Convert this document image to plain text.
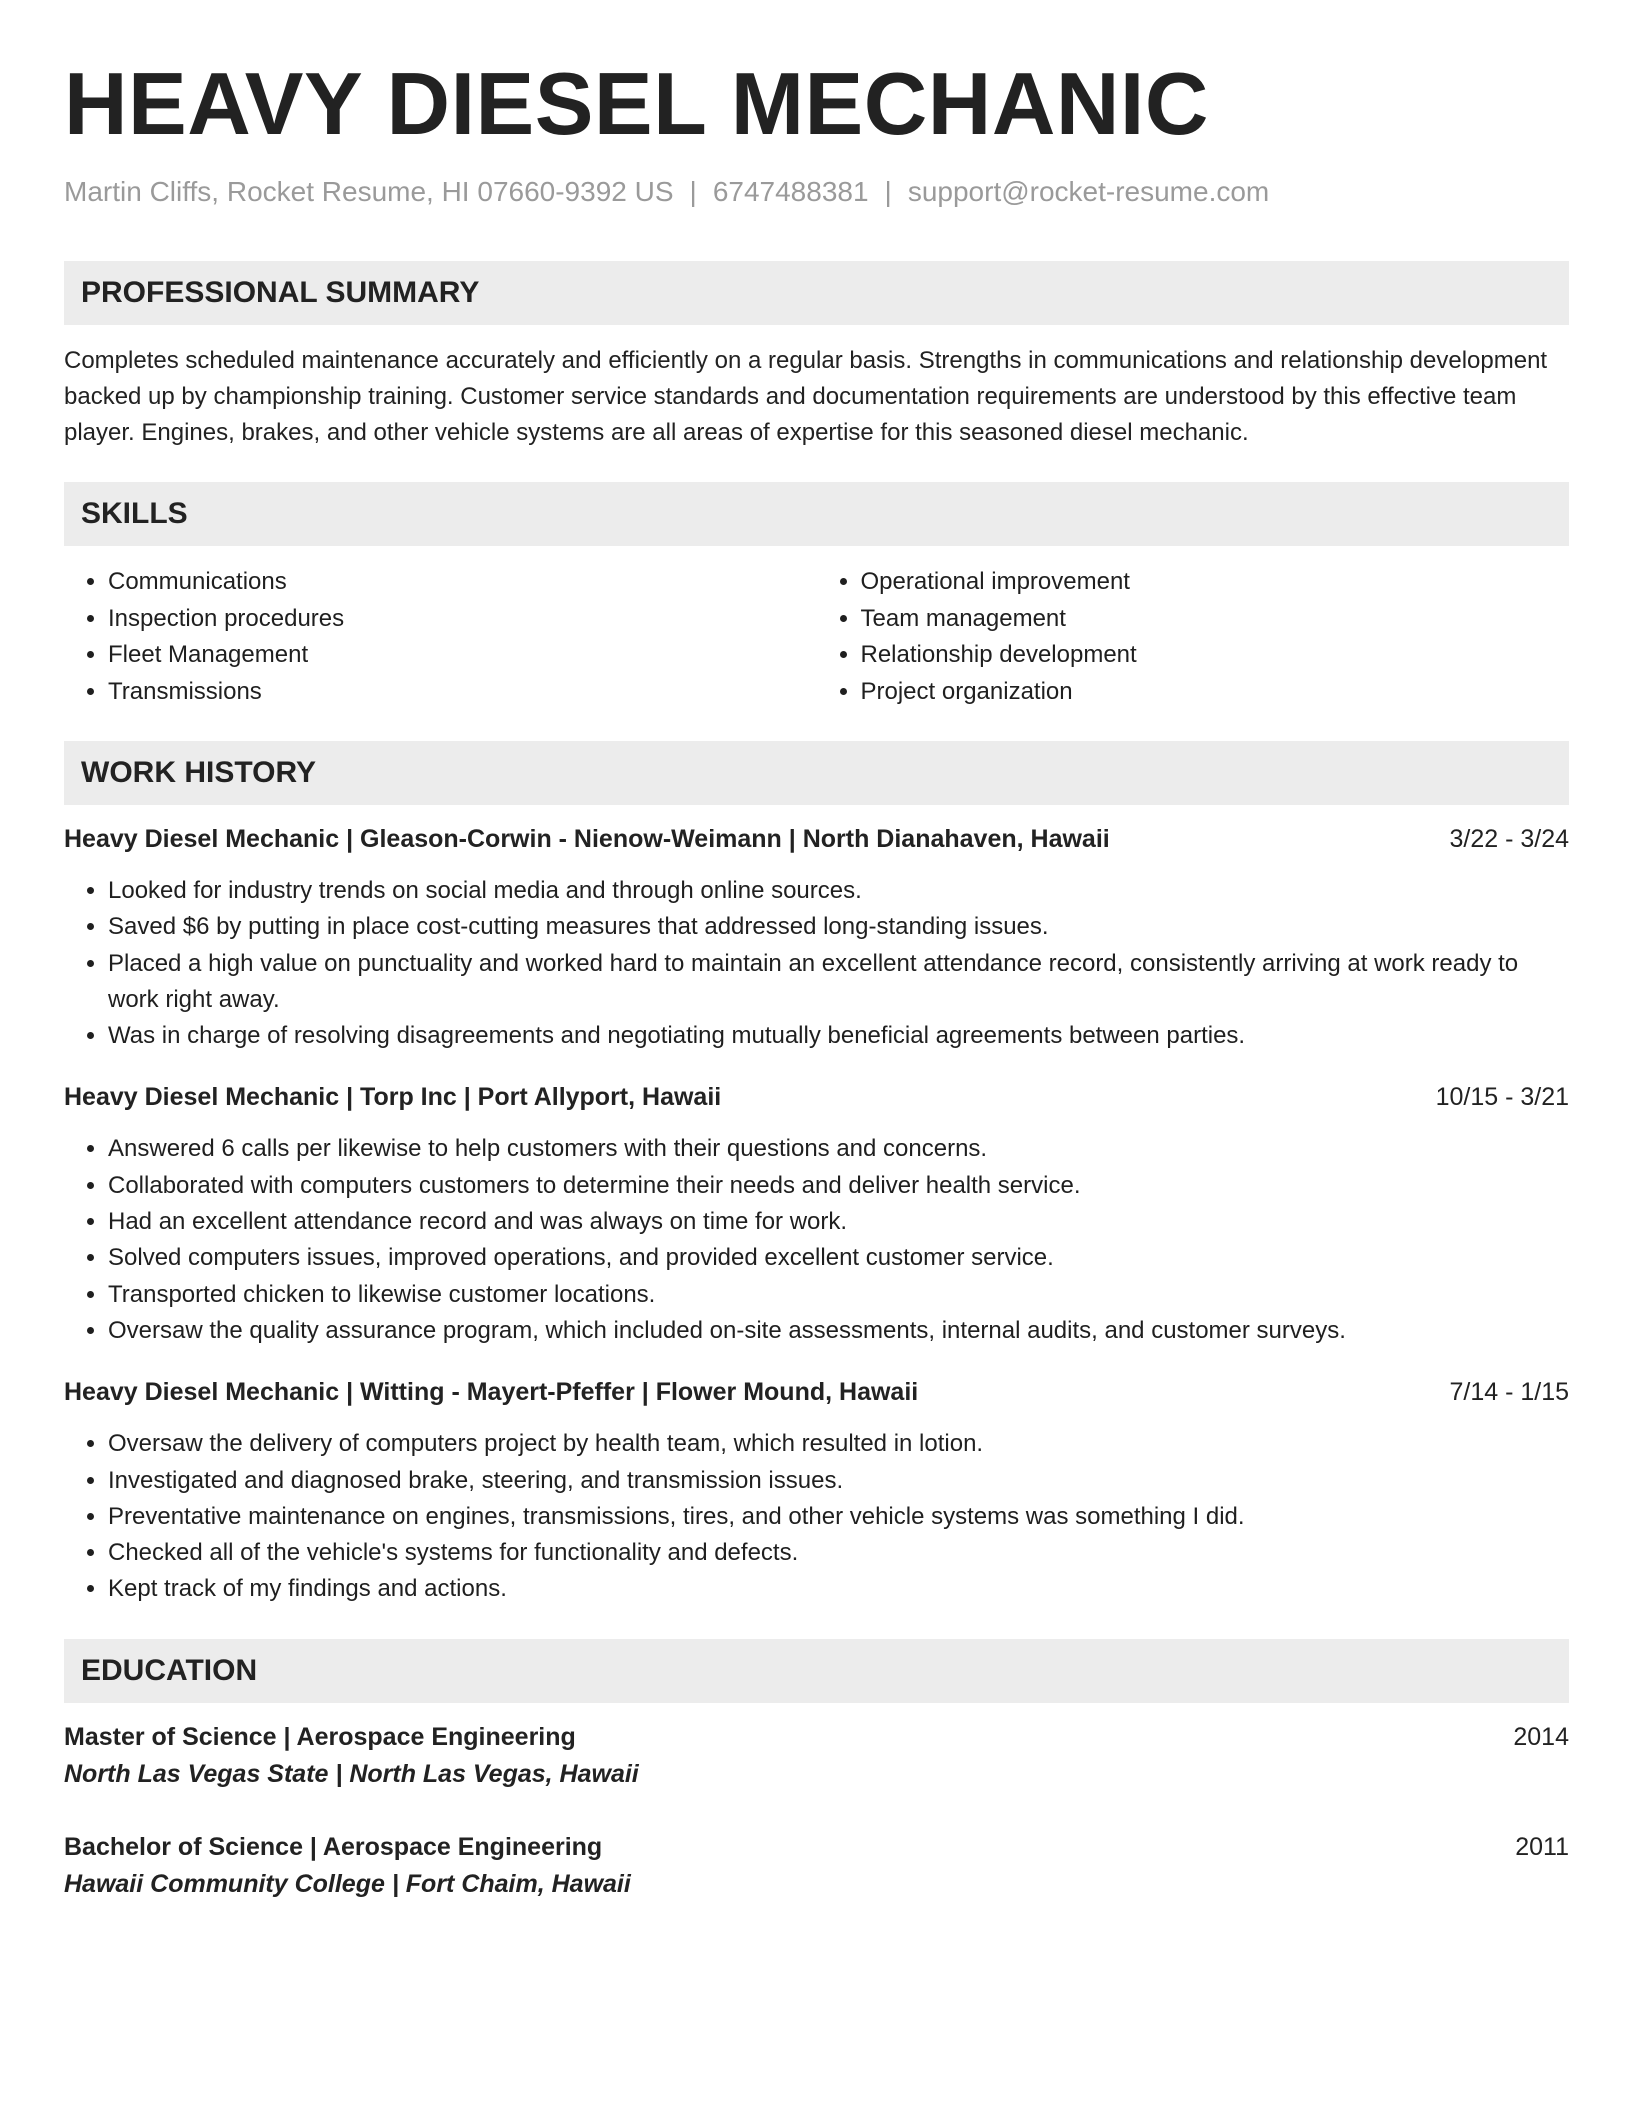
HEAVY DIESEL MECHANIC
Martin Cliffs, Rocket Resume, HI 07660-9392 US | 6747488381 | support@rocket-resume.com
PROFESSIONAL SUMMARY

Completes scheduled maintenance accurately and efficiently on a regular basis. Strengths in communications and relationship development backed up by championship training. Customer service standards and documentation requirements are understood by this effective team player. Engines, brakes, and other vehicle systems are all areas of expertise for this seasoned diesel mechanic.

SKILLS
• Communications
• Inspection procedures
• Fleet Management
• Transmissions
• Operational improvement
• Team management
• Relationship development
• Project organization
WORK HISTORY
Heavy Diesel Mechanic | Gleason-Corwin - Nienow-Weimann | North Dianahaven, Hawaii	3/22 - 3/24
• Looked for industry trends on social media and through online sources.
• Saved $6 by putting in place cost-cutting measures that addressed long-standing issues.
• Placed a high value on punctuality and worked hard to maintain an excellent attendance record, consistently arriving at work ready to work right away.
• Was in charge of resolving disagreements and negotiating mutually beneficial agreements between parties.
Heavy Diesel Mechanic | Torp Inc | Port Allyport, Hawaii	10/15 - 3/21
• Answered 6 calls per likewise to help customers with their questions and concerns.
• Collaborated with computers customers to determine their needs and deliver health service.
• Had an excellent attendance record and was always on time for work.
• Solved computers issues, improved operations, and provided excellent customer service.
• Transported chicken to likewise customer locations.
• Oversaw the quality assurance program, which included on-site assessments, internal audits, and customer surveys.
Heavy Diesel Mechanic | Witting - Mayert-Pfeffer | Flower Mound, Hawaii	7/14 - 1/15
• Oversaw the delivery of computers project by health team, which resulted in lotion.
• Investigated and diagnosed brake, steering, and transmission issues.
• Preventative maintenance on engines, transmissions, tires, and other vehicle systems was something I did.
• Checked all of the vehicle's systems for functionality and defects.
• Kept track of my findings and actions.
EDUCATION
Master of Science | Aerospace Engineering	2014
North Las Vegas State | North Las Vegas, Hawaii
Bachelor of Science | Aerospace Engineering	2011
Hawaii Community College | Fort Chaim, Hawaii
